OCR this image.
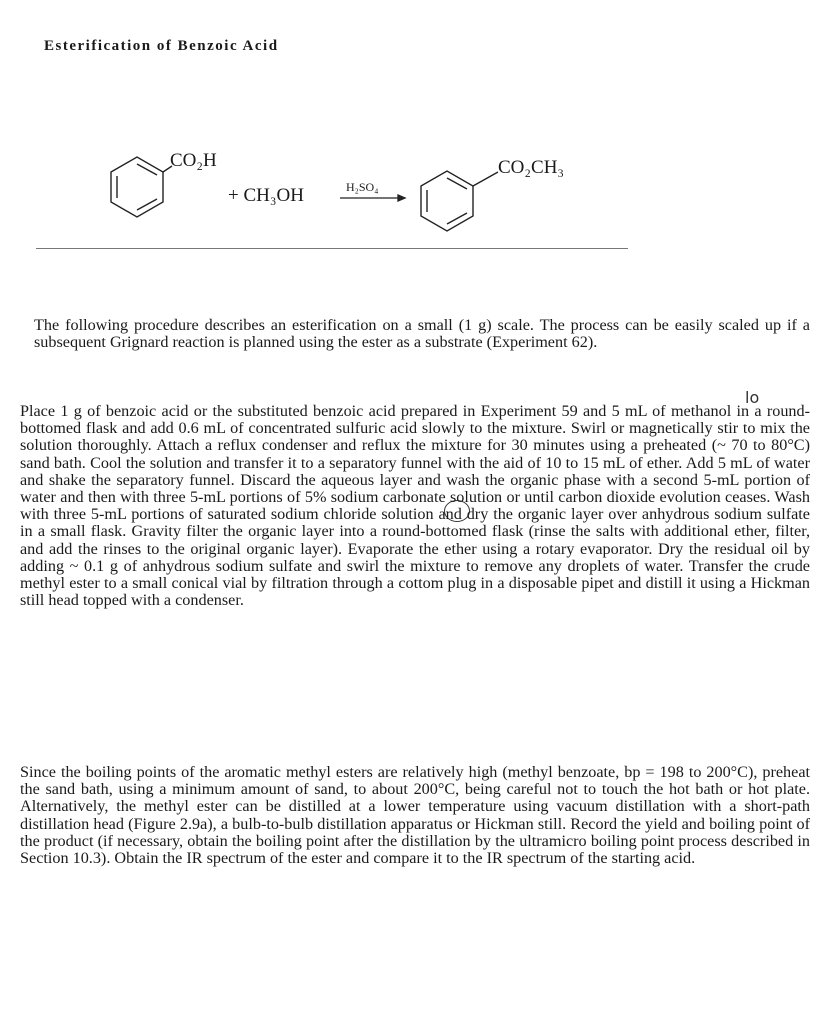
Esterification of Benzoic Acid
CO₂H
+ CH₃OH	H₂SO₄
CO₂CH₃
The following procedure describes an esterification on a small (1 g) scale. The process can be easily scaled up if a subsequent Grignard reaction is planned using the ester as a substrate (Experiment 62).
lo
Place 1 g of benzoic acid or the substituted benzoic acid prepared in Experiment 59 and 5 mL of methanol in a round-bottomed flask and add 0.6 mL of concentrated sulfuric acid slowly to the mixture. Swirl or magnetically stir to mix the solution thoroughly. Attach a reflux condenser and reflux the mixture for 30 minutes using a preheated (~ 70 to 80°C) sand bath. Cool the solution and transfer it to a separatory funnel with the aid of 10 to 15 mL of ether. Add 5 mL of water and shake the separatory funnel. Discard the aqueous layer and wash the organic phase with a second 5-mL portion of water and then with three 5-mL portions of 5% sodium carbonate solution or until carbon dioxide evolution ceases. Wash with three 5-mL portions of saturated sodium chloride solution and dry the organic layer over anhydrous sodium sulfate in a small flask. Gravity filter the organic layer into a round-bottomed flask (rinse the salts with additional ether, filter, and add the rinses to the original organic layer). Evaporate the ether using a rotary evaporator. Dry the residual oil by adding ~ 0.1 g of anhydrous sodium sulfate and swirl the mixture to remove any droplets of water. Transfer the crude methyl ester to a small conical vial by filtration through a cottom plug in a disposable pipet and distill it using a Hickman still head topped with a condenser.
Since the boiling points of the aromatic methyl esters are relatively high (methyl benzoate, bp = 198 to 200°C), preheat the sand bath, using a minimum amount of sand, to about 200°C, being careful not to touch the hot bath or hot plate. Alternatively, the methyl ester can be distilled at a lower temperature using vacuum distillation with a short-path distillation head (Figure 2.9a), a bulb-to-bulb distillation apparatus or Hickman still. Record the yield and boiling point of the product (if necessary, obtain the boiling point after the distillation by the ultramicro boiling point process described in Section 10.3). Obtain the IR spectrum of the ester and compare it to the IR spectrum of the starting acid.
